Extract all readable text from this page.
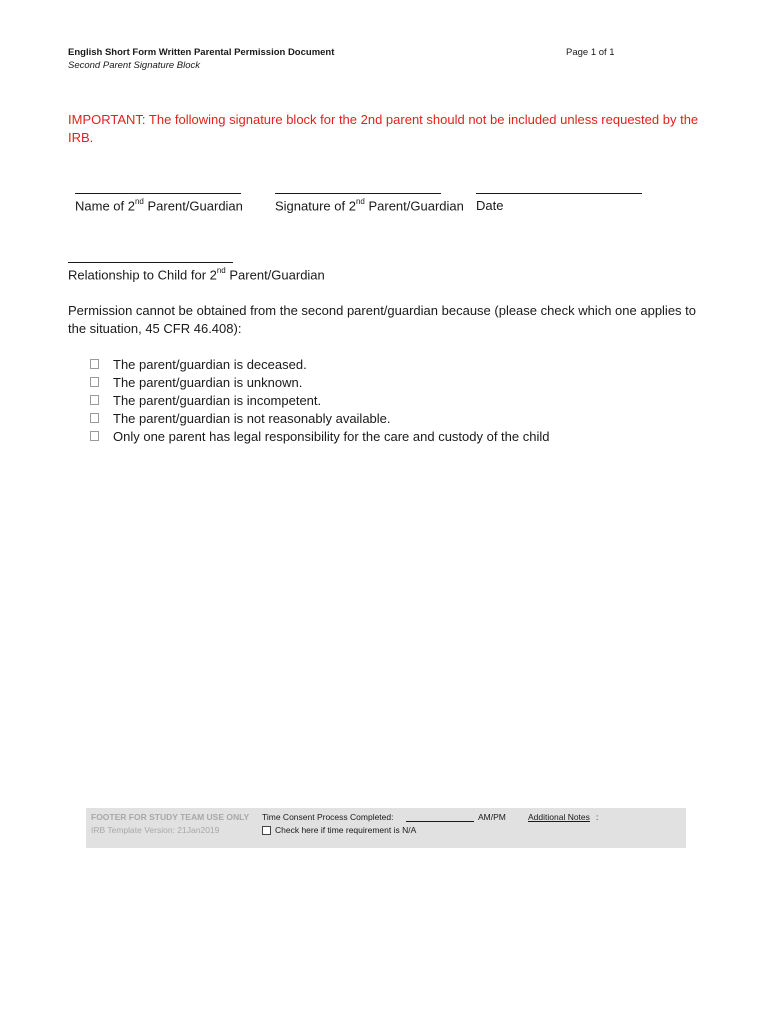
English Short Form Written Parental Permission Document
Second Parent Signature Block
Page 1 of 1
IMPORTANT: The following signature block for the 2nd parent should not be included unless requested by the IRB.
Name of 2nd Parent/Guardian Signature of 2nd Parent/Guardian Date
Relationship to Child for 2nd Parent/Guardian
Permission cannot be obtained from the second parent/guardian because (please check which one applies to the situation, 45 CFR 46.408):
The parent/guardian is deceased.
The parent/guardian is unknown.
The parent/guardian is incompetent.
The parent/guardian is not reasonably available.
Only one parent has legal responsibility for the care and custody of the child
FOOTER FOR STUDY TEAM USE ONLY
IRB Template Version: 21Jan2019
Time Consent Process Completed:	AM/PM	Additional Notes :
Check here if time requirement is N/A
